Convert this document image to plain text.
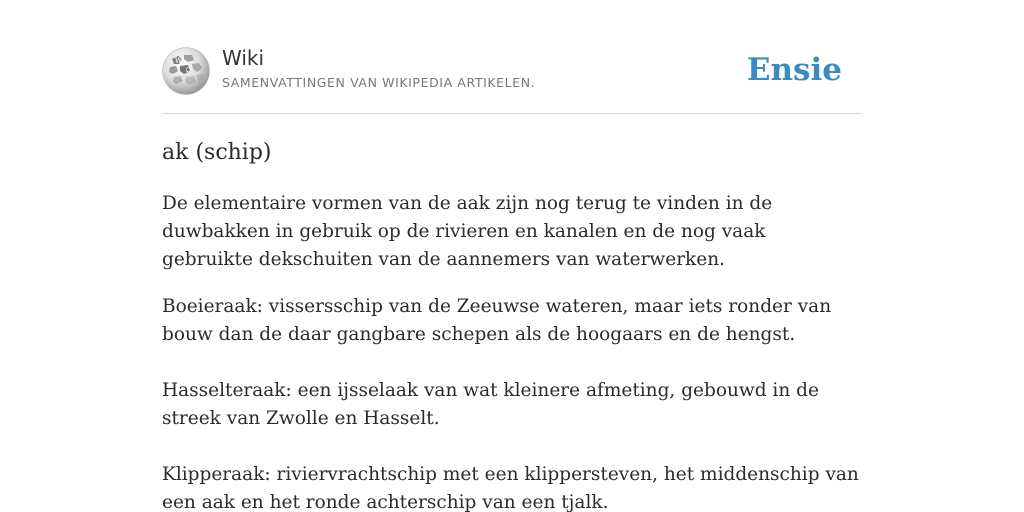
W
Ω
Wiki
SAMENVATTINGEN VAN WIKIPEDIA ARTIKELEN.	Ensie
ak (schip)

De elementaire vormen van de aak zijn nog terug te vinden in de duwbakken in gebruik op de rivieren en kanalen en de nog vaak gebruikte dekschuiten van de aannemers van waterwerken.

Boeieraak: vissersschip van de Zeeuwse wateren, maar iets ronder van bouw dan de daar gangbare schepen als de hoogaars en de hengst.

Hasselteraak: een ijsselaak van wat kleinere afmeting, gebouwd in de streek van Zwolle en Hasselt.

Klipperaak: riviervrachtschip met een klippersteven, het middenschip van een aak en het ronde achterschip van een tjalk.
